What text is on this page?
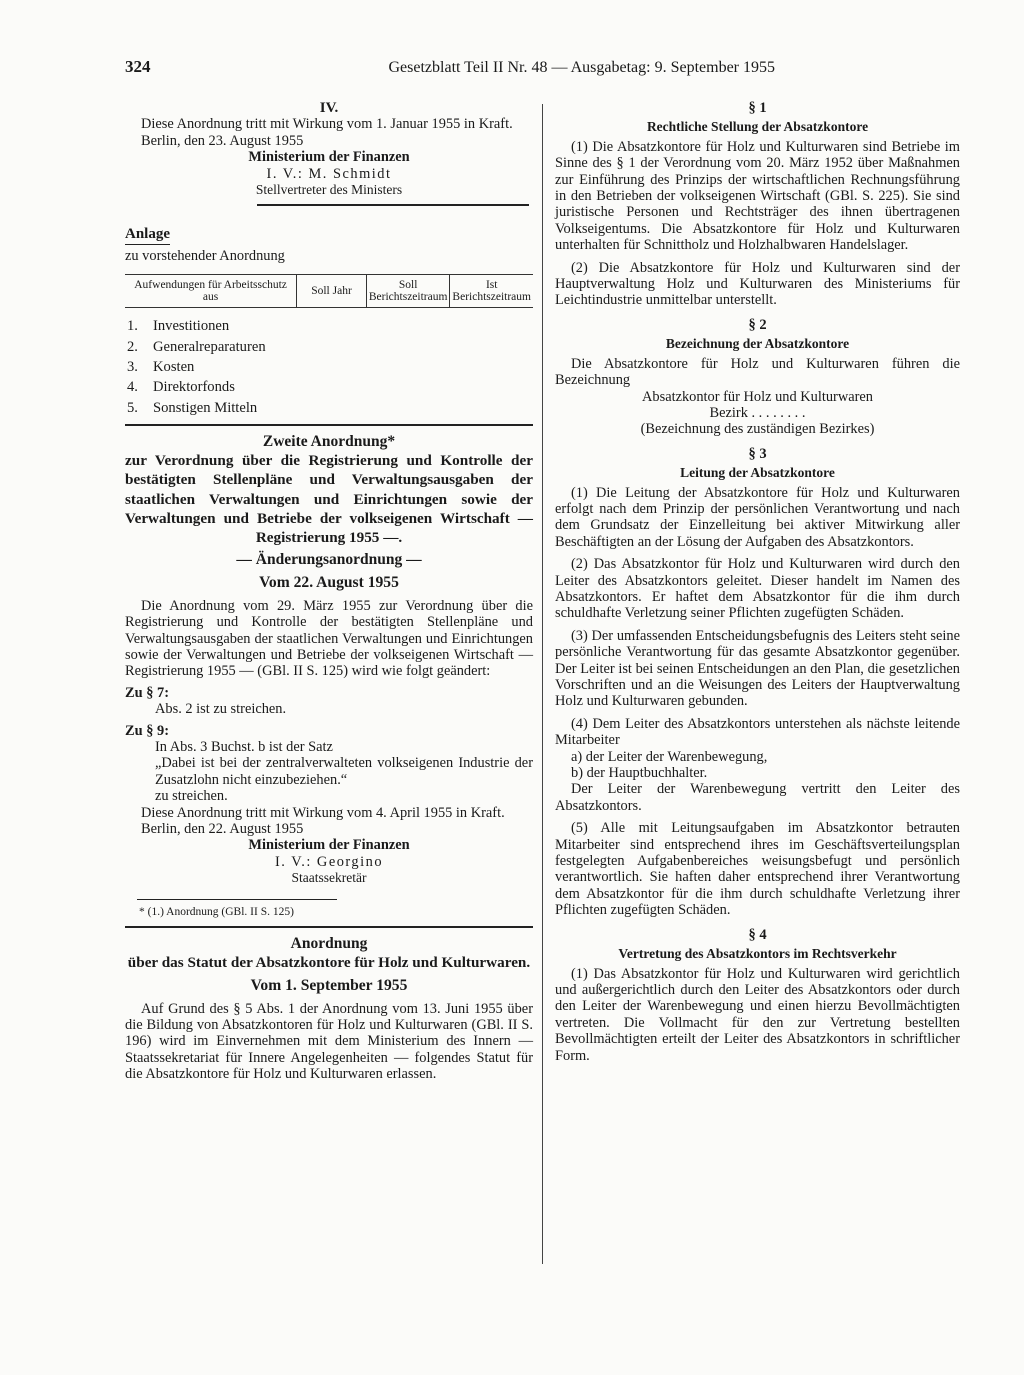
324	Gesetzblatt Teil II Nr. 48 — Ausgabetag: 9. September 1955

IV.

Diese Anordnung tritt mit Wirkung vom 1. Januar 1955 in Kraft.

Berlin, den 23. August 1955

Ministerium der Finanzen

I. V.: M. Schmidt

Stellvertreter des Ministers

Anlage

zu vorstehender Anordnung

Aufwendungen für Arbeitsschutz aus	Soll Jahr	Soll Berichtszeitraum	Ist Berichtszeitraum
1. Investitionen
2. Generalreparaturen
3. Kosten
4. Direktorfonds
5. Sonstigen Mitteln

Zweite Anordnung*

zur Verordnung über die Registrierung und Kontrolle der bestätigten Stellenpläne und Verwaltungsausgaben der staatlichen Verwaltungen und Einrichtungen sowie der Verwaltungen und Betriebe der volkseigenen Wirtschaft — Registrierung 1955 —.

— Änderungsanordnung —

Vom 22. August 1955

Die Anordnung vom 29. März 1955 zur Verordnung über die Registrierung und Kontrolle der bestätigten Stellenpläne und Verwaltungsausgaben der staatlichen Verwaltungen und Einrichtungen sowie der Verwaltungen und Betriebe der volkseigenen Wirtschaft — Registrierung 1955 — (GBl. II S. 125) wird wie folgt geändert:

Zu § 7:

Abs. 2 ist zu streichen.

Zu § 9:

In Abs. 3 Buchst. b ist der Satz

„Dabei ist bei der zentralverwalteten volkseigenen Industrie der Zusatzlohn nicht einzubeziehen.“

zu streichen.

Diese Anordnung tritt mit Wirkung vom 4. April 1955 in Kraft.

Berlin, den 22. August 1955

Ministerium der Finanzen

I. V.: Georgino

Staatssekretär

* (1.) Anordnung (GBl. II S. 125)

Anordnung

über das Statut der Absatzkontore für Holz und Kulturwaren.

Vom 1. September 1955

Auf Grund des § 5 Abs. 1 der Anordnung vom 13. Juni 1955 über die Bildung von Absatzkontoren für Holz und Kulturwaren (GBl. II S. 196) wird im Einvernehmen mit dem Ministerium des Innern — Staatssekretariat für Innere Angelegenheiten — folgendes Statut für die Absatzkontore für Holz und Kulturwaren erlassen.

§ 1

Rechtliche Stellung der Absatzkontore

(1) Die Absatzkontore für Holz und Kulturwaren sind Betriebe im Sinne des § 1 der Verordnung vom 20. März 1952 über Maßnahmen zur Einführung des Prinzips der wirtschaftlichen Rechnungsführung in den Betrieben der volkseigenen Wirtschaft (GBl. S. 225). Sie sind juristische Personen und Rechtsträger des ihnen übertragenen Volkseigentums. Die Absatzkontore für Holz und Kulturwaren unterhalten für Schnittholz und Holzhalbwaren Handelslager.

(2) Die Absatzkontore für Holz und Kulturwaren sind der Hauptverwaltung Holz und Kulturwaren des Ministeriums für Leichtindustrie unmittelbar unterstellt.

§ 2

Bezeichnung der Absatzkontore

Die Absatzkontore für Holz und Kulturwaren führen die Bezeichnung

Absatzkontor für Holz und Kulturwaren

Bezirk . . . . . . . .

(Bezeichnung des zuständigen Bezirkes)

§ 3

Leitung der Absatzkontore

(1) Die Leitung der Absatzkontore für Holz und Kulturwaren erfolgt nach dem Prinzip der persönlichen Verantwortung und nach dem Grundsatz der Einzelleitung bei aktiver Mitwirkung aller Beschäftigten an der Lösung der Aufgaben des Absatzkontors.

(2) Das Absatzkontor für Holz und Kulturwaren wird durch den Leiter des Absatzkontors geleitet. Dieser handelt im Namen des Absatzkontors. Er haftet dem Absatzkontor für die ihm durch schuldhafte Verletzung seiner Pflichten zugefügten Schäden.

(3) Der umfassenden Entscheidungsbefugnis des Leiters steht seine persönliche Verantwortung für das gesamte Absatzkontor gegenüber. Der Leiter ist bei seinen Entscheidungen an den Plan, die gesetzlichen Vorschriften und an die Weisungen des Leiters der Hauptverwaltung Holz und Kulturwaren gebunden.

(4) Dem Leiter des Absatzkontors unterstehen als nächste leitende Mitarbeiter

a) der Leiter der Warenbewegung,

b) der Hauptbuchhalter.

Der Leiter der Warenbewegung vertritt den Leiter des Absatzkontors.

(5) Alle mit Leitungsaufgaben im Absatzkontor betrauten Mitarbeiter sind entsprechend ihres im Geschäftsverteilungsplan festgelegten Aufgabenbereiches weisungsbefugt und persönlich verantwortlich. Sie haften daher entsprechend ihrer Verantwortung dem Absatzkontor für die ihm durch schuldhafte Verletzung ihrer Pflichten zugefügten Schäden.

§ 4

Vertretung des Absatzkontors im Rechtsverkehr

(1) Das Absatzkontor für Holz und Kulturwaren wird gerichtlich und außergerichtlich durch den Leiter des Absatzkontors oder durch den Leiter der Warenbewegung und einen hierzu Bevollmächtigten vertreten. Die Vollmacht für den zur Vertretung bestellten Bevollmächtigten erteilt der Leiter des Absatzkontors in schriftlicher Form.
